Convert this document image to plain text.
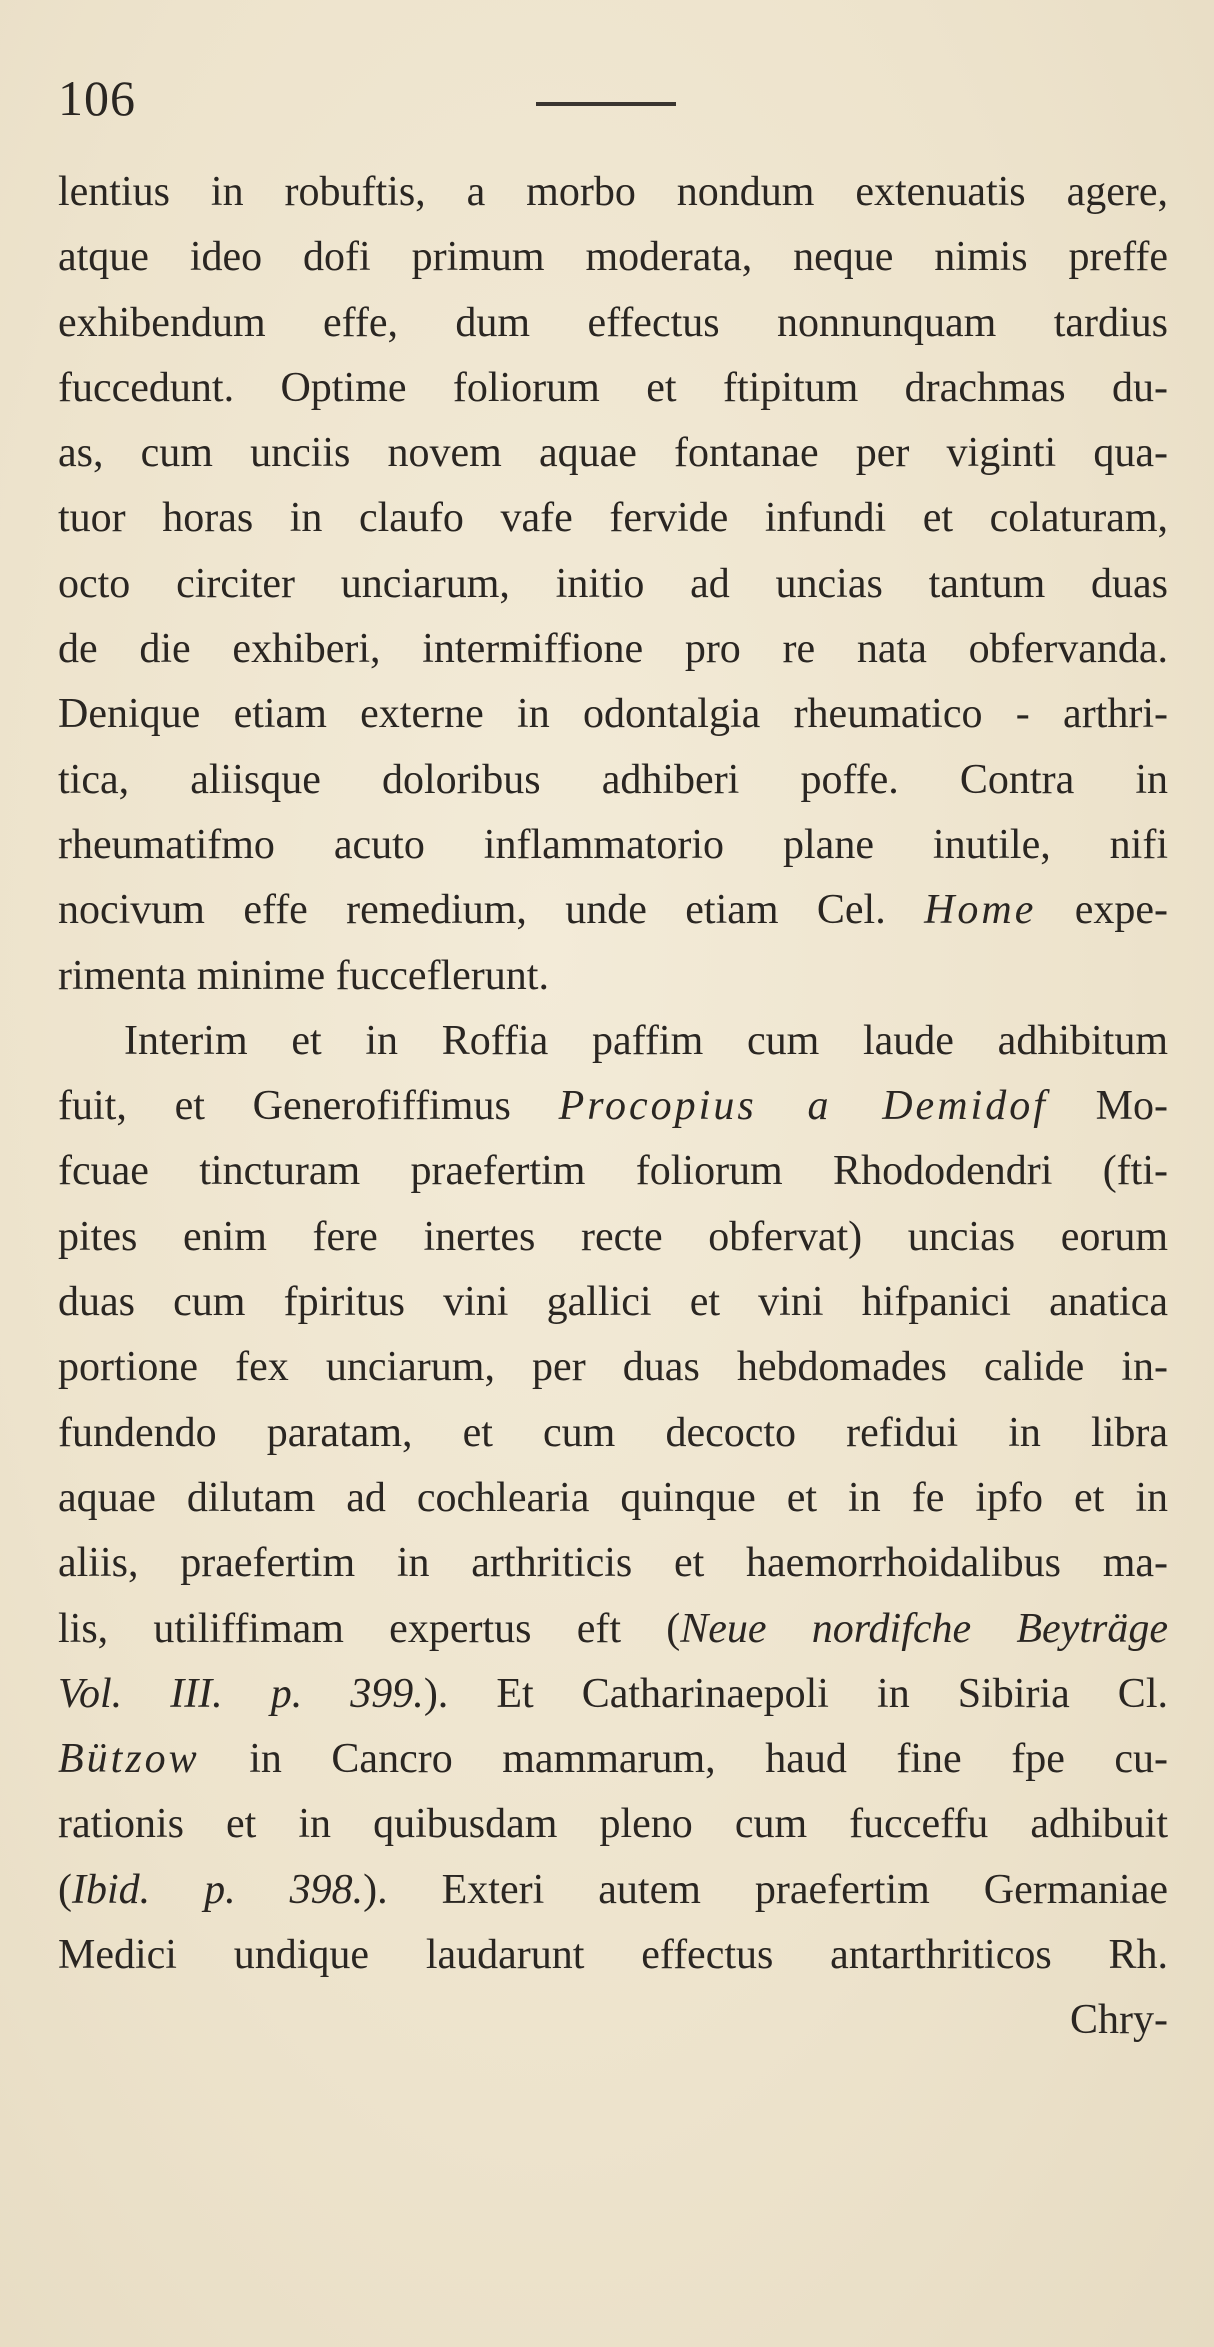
106
lentius in robuftis, a morbo nondum extenuatis agere,
atque ideo dofi primum moderata, neque nimis preffe
exhibendum effe, dum effectus nonnunquam tardius
fuccedunt. Optime foliorum et ftipitum drachmas du-
as, cum unciis novem aquae fontanae per viginti qua-
tuor horas in claufo vafe fervide infundi et colaturam,
octo circiter unciarum, initio ad uncias tantum duas
de die exhiberi, intermiffione pro re nata obfervanda.
Denique etiam externe in odontalgia rheumatico - arthri-
tica, aliisque doloribus adhiberi poffe. Contra in
rheumatifmo acuto inflammatorio plane inutile, nifi
nocivum effe remedium, unde etiam Cel. Home expe-
rimenta minime fucceflerunt.
Interim et in Roffia paffim cum laude adhibitum
fuit, et Generofiffimus Procopius a Demidof Mo-
fcuae tincturam praefertim foliorum Rhododendri (fti-
pites enim fere inertes recte obfervat) uncias eorum
duas cum fpiritus vini gallici et vini hifpanici anatica
portione fex unciarum, per duas hebdomades calide in-
fundendo paratam, et cum decocto refidui in libra
aquae dilutam ad cochlearia quinque et in fe ipfo et in
aliis, praefertim in arthriticis et haemorrhoidalibus ma-
lis, utiliffimam expertus eft (Neue nordifche Beyträge
Vol. III. p. 399.). Et Catharinaepoli in Sibiria Cl.
Bützow in Cancro mammarum, haud fine fpe cu-
rationis et in quibusdam pleno cum fucceffu adhibuit
(Ibid. p. 398.). Exteri autem praefertim Germaniae
Medici undique laudarunt effectus antarthriticos Rh.
Chry-
